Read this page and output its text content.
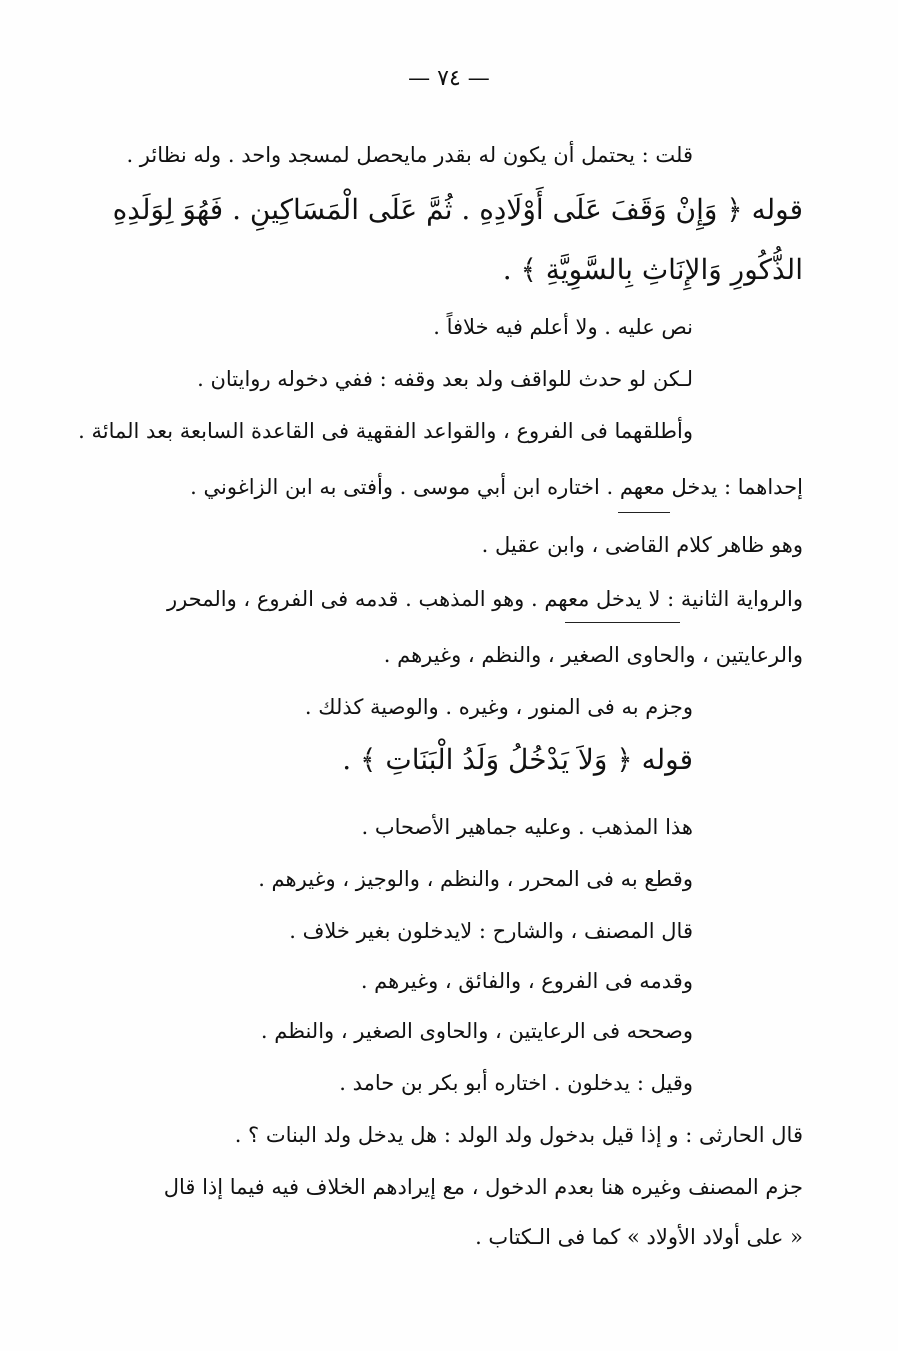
— ٧٤ —
قلت : يحتمل أن يكون له بقدر مايحصل لمسجد واحد . وله نظائر .
قوله ﴿ وَإِنْ وَقَفَ عَلَى أَوْلَادِهِ . ثُمَّ عَلَى الْمَسَاكِينِ . فَهُوَ لِوَلَدِهِ
الذُّكُورِ وَالإِنَاثِ بِالسَّوِيَّةِ ﴾ .
نص عليه . ولا أعلم فيه خلافاً .
لـكن لو حدث للواقف ولد بعد وقفه : ففي دخوله روايتان .
وأطلقهما فى الفروع ، والقواعد الفقهية فى القاعدة السابعة بعد المائة .
إحداهما : يدخل معهم . اختاره ابن أبي موسى . وأفتى به ابن الزاغوني .
وهو ظاهر كلام القاضى ، وابن عقيل .
والرواية الثانية : لا يدخل معهم . وهو المذهب . قدمه فى الفروع ، والمحرر
والرعايتين ، والحاوى الصغير ، والنظم ، وغيرهم .
وجزم به فى المنور ، وغيره . والوصية كذلك .
قوله ﴿ وَلاَ يَدْخُلُ وَلَدُ الْبَنَاتِ ﴾ .
هذا المذهب . وعليه جماهير الأصحاب .
وقطع به فى المحرر ، والنظم ، والوجيز ، وغيرهم .
قال المصنف ، والشارح : لايدخلون بغير خلاف .
وقدمه فى الفروع ، والفائق ، وغيرهم .
وصححه فى الرعايتين ، والحاوى الصغير ، والنظم .
وقيل : يدخلون . اختاره أبو بكر بن حامد .
قال الحارثى : و إذا قيل بدخول ولد الولد : هل يدخل ولد البنات ؟ .
جزم المصنف وغيره هنا بعدم الدخول ، مع إيرادهم الخلاف فيه فيما إذا قال
« على أولاد الأولاد » كما فى الـكتاب .
